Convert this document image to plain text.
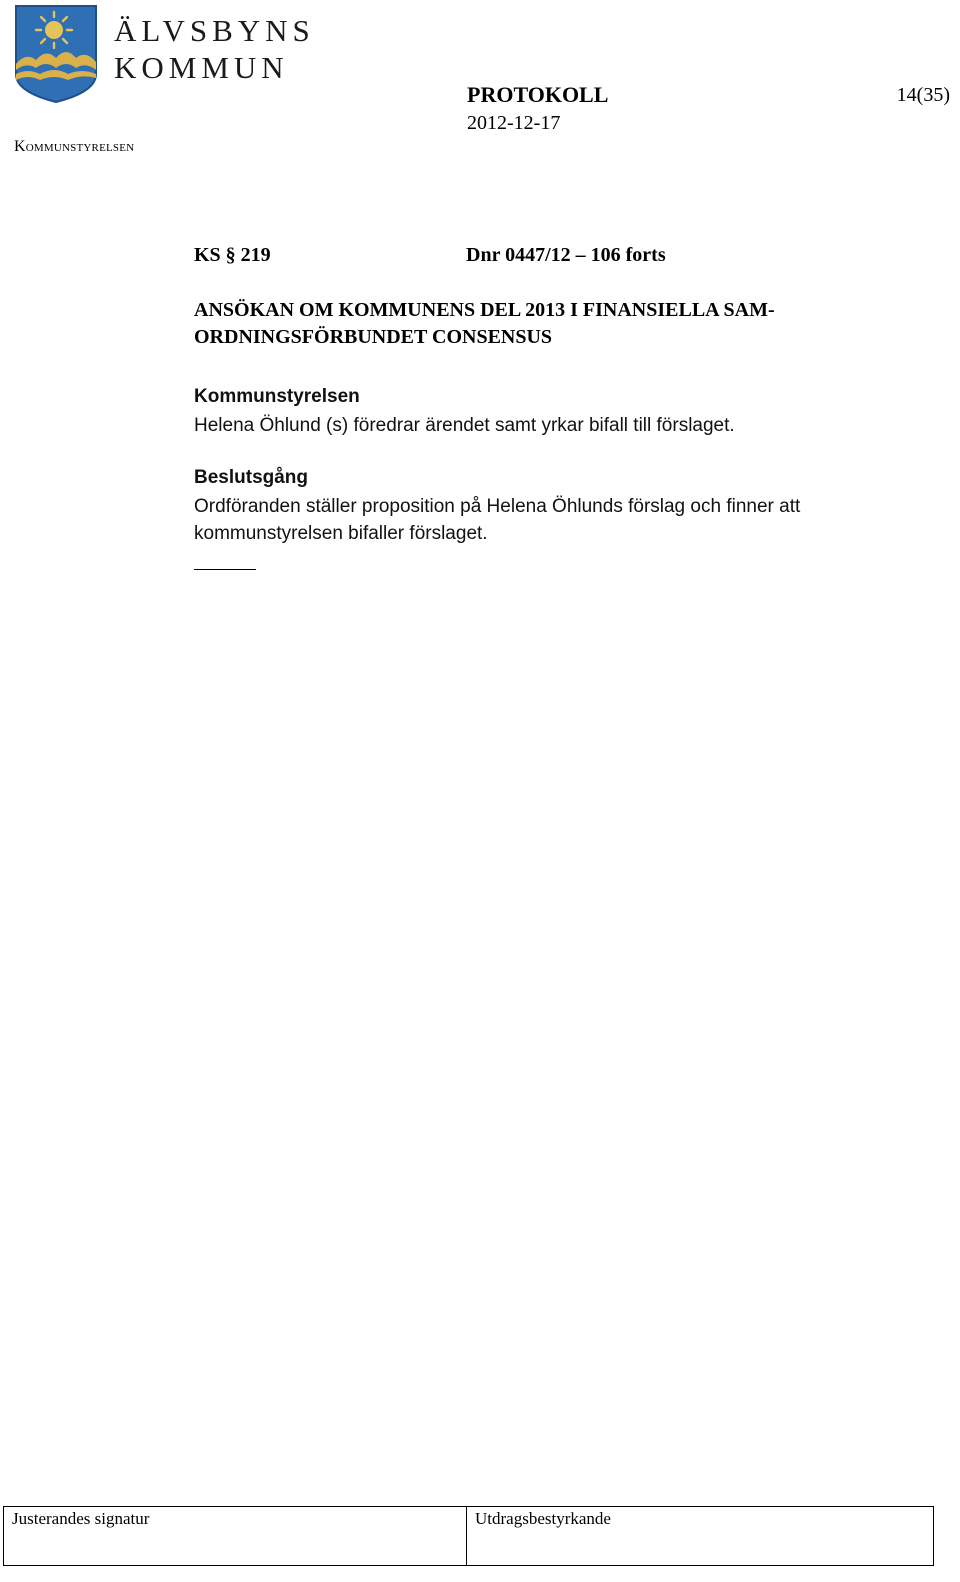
ÄLVSBYNS
KOMMUN
Kommunstyrelsen
PROTOKOLL
2012-12-17
14(35)
KS § 219	Dnr 0447/12 – 106 forts
ANSÖKAN OM KOMMUNENS DEL 2013 I FINANSIELLA SAM-
ORDNINGSFÖRBUNDET CONSENSUS
Kommunstyrelsen
Helena Öhlund (s) föredrar ärendet samt yrkar bifall till förslaget.
Beslutsgång
Ordföranden ställer proposition på Helena Öhlunds förslag och finner att
kommunstyrelsen bifaller förslaget.
Justerandes signatur	Utdragsbestyrkande
